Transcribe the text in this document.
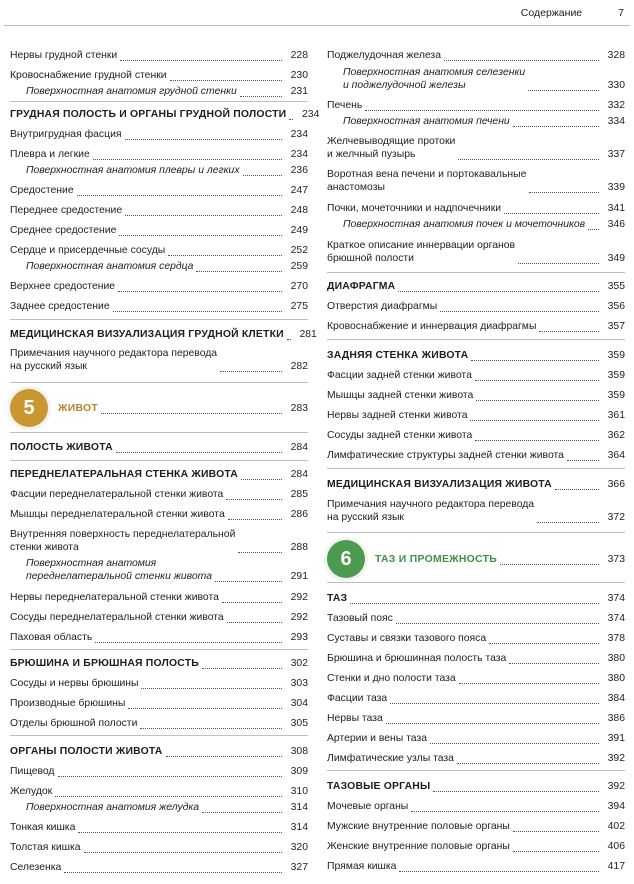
Содержание	7
Нервы грудной стенки	228
Кровоснабжение грудной стенки	230
Поверхностная анатомия грудной стенки	231
ГРУДНАЯ ПОЛОСТЬ И ОРГАНЫ ГРУДНОЙ ПОЛОСТИ	234
Внутригрудная фасция	234
Плевра и легкие	234
Поверхностная анатомия плевры и легких	236
Средостение	247
Переднее средостение	248
Среднее средостение	249
Сердце и присердечные сосуды	252
Поверхностная анатомия сердца	259
Верхнее средостение	270
Заднее средостение	275
МЕДИЦИНСКАЯ ВИЗУАЛИЗАЦИЯ ГРУДНОЙ КЛЕТКИ	281
Примечания научного редактора перевода
на русский язык	282
5	ЖИВОТ	283
ПОЛОСТЬ ЖИВОТА	284
ПЕРЕДНЕЛАТЕРАЛЬНАЯ СТЕНКА ЖИВОТА	284
Фасции переднелатеральной стенки живота	285
Мышцы переднелатеральной стенки живота	286
Внутренняя поверхность переднелатеральной
стенки живота	288
Поверхностная анатомия
переднелатеральной стенки живота	291
Нервы переднелатеральной стенки живота	292
Сосуды переднелатеральной стенки живота	292
Паховая область	293
БРЮШИНА И БРЮШНАЯ ПОЛОСТЬ	302
Сосуды и нервы брюшины	303
Производные брюшины	304
Отделы брюшной полости	305
ОРГАНЫ ПОЛОСТИ ЖИВОТА	308
Пищевод	309
Желудок	310
Поверхностная анатомия желудка	314
Тонкая кишка	314
Толстая кишка	320
Селезенка	327
Поджелудочная железа	328
Поверхностная анатомия селезенки
и поджелудочной железы	330
Печень	332
Поверхностная анатомия печени	334
Желчевыводящие протоки
и желчный пузырь	337
Воротная вена печени и портокавальные
анастомозы	339
Почки, мочеточники и надпочечники	341
Поверхностная анатомия почек и мочеточников	346
Краткое описание иннервации органов
брюшной полости	349
ДИАФРАГМА	355
Отверстия диафрагмы	356
Кровоснабжение и иннервация диафрагмы	357
ЗАДНЯЯ СТЕНКА ЖИВОТА	359
Фасции задней стенки живота	359
Мышцы задней стенки живота	359
Нервы задней стенки живота	361
Сосуды задней стенки живота	362
Лимфатические структуры задней стенки живота	364
МЕДИЦИНСКАЯ ВИЗУАЛИЗАЦИЯ ЖИВОТА	366
Примечания научного редактора перевода
на русский язык	372
6	ТАЗ И ПРОМЕЖНОСТЬ	373
ТАЗ	374
Тазовый пояс	374
Суставы и связки тазового пояса	378
Брюшина и брюшинная полость таза	380
Стенки и дно полости таза	380
Фасции таза	384
Нервы таза	386
Артерии и вены таза	391
Лимфатические узлы таза	392
ТАЗОВЫЕ ОРГАНЫ	392
Мочевые органы	394
Мужские внутренние половые органы	402
Женские внутренние половые органы	406
Прямая кишка	417
